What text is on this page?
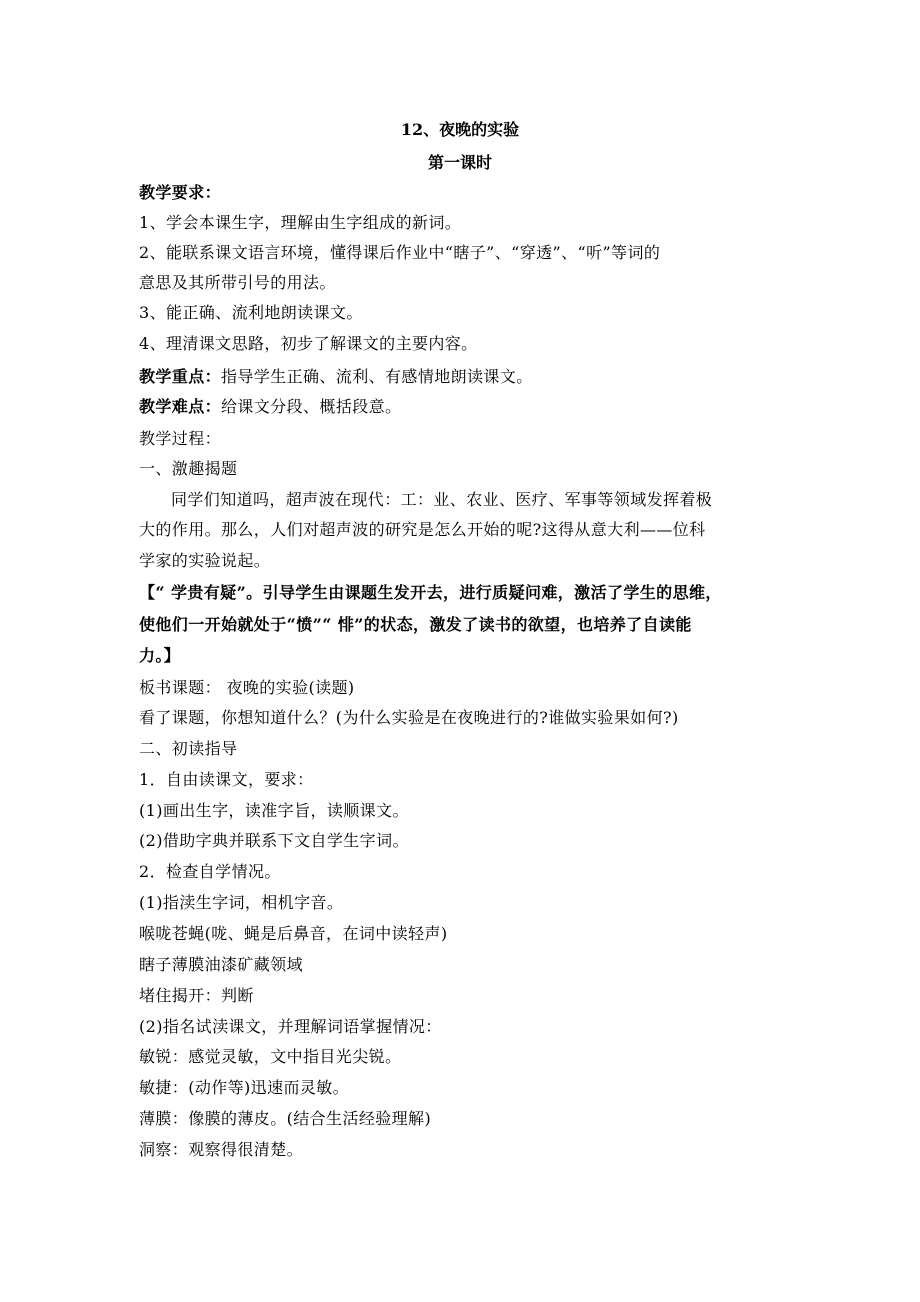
12、夜晚的实验
第一课时
教学要求：
1、学会本课生字，理解由生字组成的新词。
2、能联系课文语言环境，懂得课后作业中“瞎子”、“穿透”、“听”等词的
意思及其所带引号的用法。
3、能正确、流利地朗读课文。
4、理清课文思路，初步了解课文的主要内容。
教学重点：指导学生正确、流利、有感情地朗读课文。
教学难点：给课文分段、概括段意。
教学过程：
一、激趣揭题
同学们知道吗，超声波在现代：工：业、农业、医疗、军事等领域发挥着极
大的作用。那么，人们对超声波的研究是怎么开始的呢?这得从意大利——位科
学家的实验说起。
【“ 学贵有疑”。引导学生由课题生发开去，进行质疑问难，激活了学生的思维，
使他们一开始就处于“愤”“ 悱”的状态，激发了读书的欲望，也培养了自读能
力。】
板书课题： 夜晚的实验(读题)
看了课题，你想知道什么？(为什么实验是在夜晚进行的?谁做实验果如何?)
二、初读指导
1．自由读课文，要求：
(1)画出生字，读准字旨，读顺课文。
(2)借助字典并联系下文自学生字词。
2．检查自学情况。
(1)指渎生字词，相机字音。
喉咙苍蝇(咙、蝇是后鼻音，在词中读轻声)
瞎子薄膜油漆矿藏领域
堵住揭开：判断
(2)指名试渎课文，并理解词语掌握情况：
敏锐：感觉灵敏，文中指目光尖锐。
敏捷：(动作等)迅速而灵敏。
薄膜：像膜的薄皮。(结合生活经验理解)
洞察：观察得很清楚。
